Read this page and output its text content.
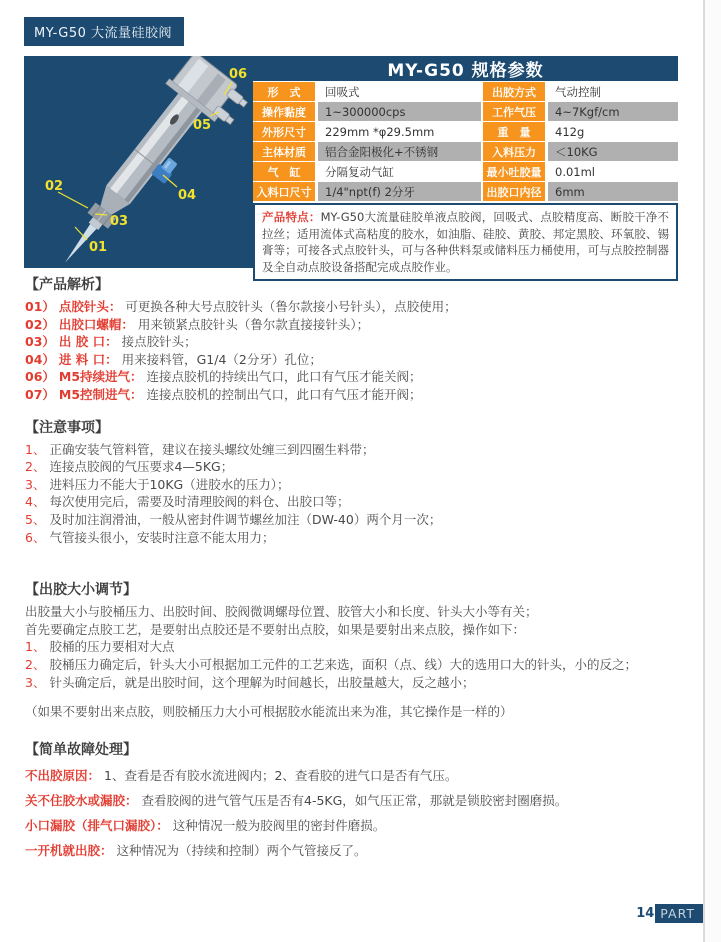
MY-G50 大流量硅胶阀
06
05
04
02
03
01
MY-G50 规格参数
形　式	回吸式	出胶方式	气动控制
操作黏度	1~300000cps	工作气压	4~7Kgf/cm
外形尺寸	229mm *φ29.5mm	重　量	412g
主体材质	铝合金阳极化+不锈钢	入料压力	＜10KG
气　缸	分隔复动气缸	最小吐胶量	0.01ml
入料口尺寸	1/4"npt(f) 2分牙	出胶口内径	6mm
产品特点：MY-G50大流量硅胶单液点胶阀，回吸式、点胶精度高、断胶干净不拉丝；适用流体式高粘度的胶水，如油脂、硅胶、黄胶、邦定黑胶、环氧胶、锡膏等；可接各式点胶针头，可与各种供料泵或储料压力桶使用，可与点胶控制器及全自动点胶设备搭配完成点胶作业。
【产品解析】
01） 点胶针头： 可更换各种大号点胶针头（鲁尔款接小号针头），点胶使用；
02） 出胶口螺帽： 用来锁紧点胶针头（鲁尔款直接接针头）；
03） 出 胶 口： 接点胶针头；
04） 进 料 口： 用来接料管，G1/4（2分牙）孔位；
06） M5持续进气： 连接点胶机的持续出气口，此口有气压才能关阀；
07） M5控制进气： 连接点胶机的控制出气口，此口有气压才能开阀；
【注意事项】
1、 正确安装气管料管，建议在接头螺纹处缠三到四圈生料带；
2、 连接点胶阀的气压要求4—5KG；
3、 进料压力不能大于10KG（进胶水的压力）；
4、 每次使用完后，需要及时清理胶阀的料仓、出胶口等；
5、 及时加注润滑油，一般从密封件调节螺丝加注（DW-40）两个月一次；
6、 气管接头很小，安装时注意不能太用力；
【出胶大小调节】
出胶量大小与胶桶压力、出胶时间、胶阀微调螺母位置、胶管大小和长度、针头大小等有关；
首先要确定点胶工艺，是要射出点胶还是不要射出点胶，如果是要射出来点胶，操作如下：
1、 胶桶的压力要相对大点
2、 胶桶压力确定后，针头大小可根据加工元件的工艺来选，面积（点、线）大的选用口大的针头，小的反之；
3、 针头确定后，就是出胶时间，这个理解为时间越长，出胶量越大，反之越小；
（如果不要射出来点胶，则胶桶压力大小可根据胶水能流出来为准，其它操作是一样的）
【简单故障处理】
不出胶原因： 1、查看是否有胶水流进阀内；2、查看胶的进气口是否有气压。
关不住胶水或漏胶： 查看胶阀的进气管气压是否有4-5KG，如气压正常，那就是锁胶密封圈磨损。
小口漏胶（排气口漏胶）： 这种情况一般为胶阀里的密封件磨损。
一开机就出胶： 这种情况为（持续和控制）两个气管接反了。
14 PART
